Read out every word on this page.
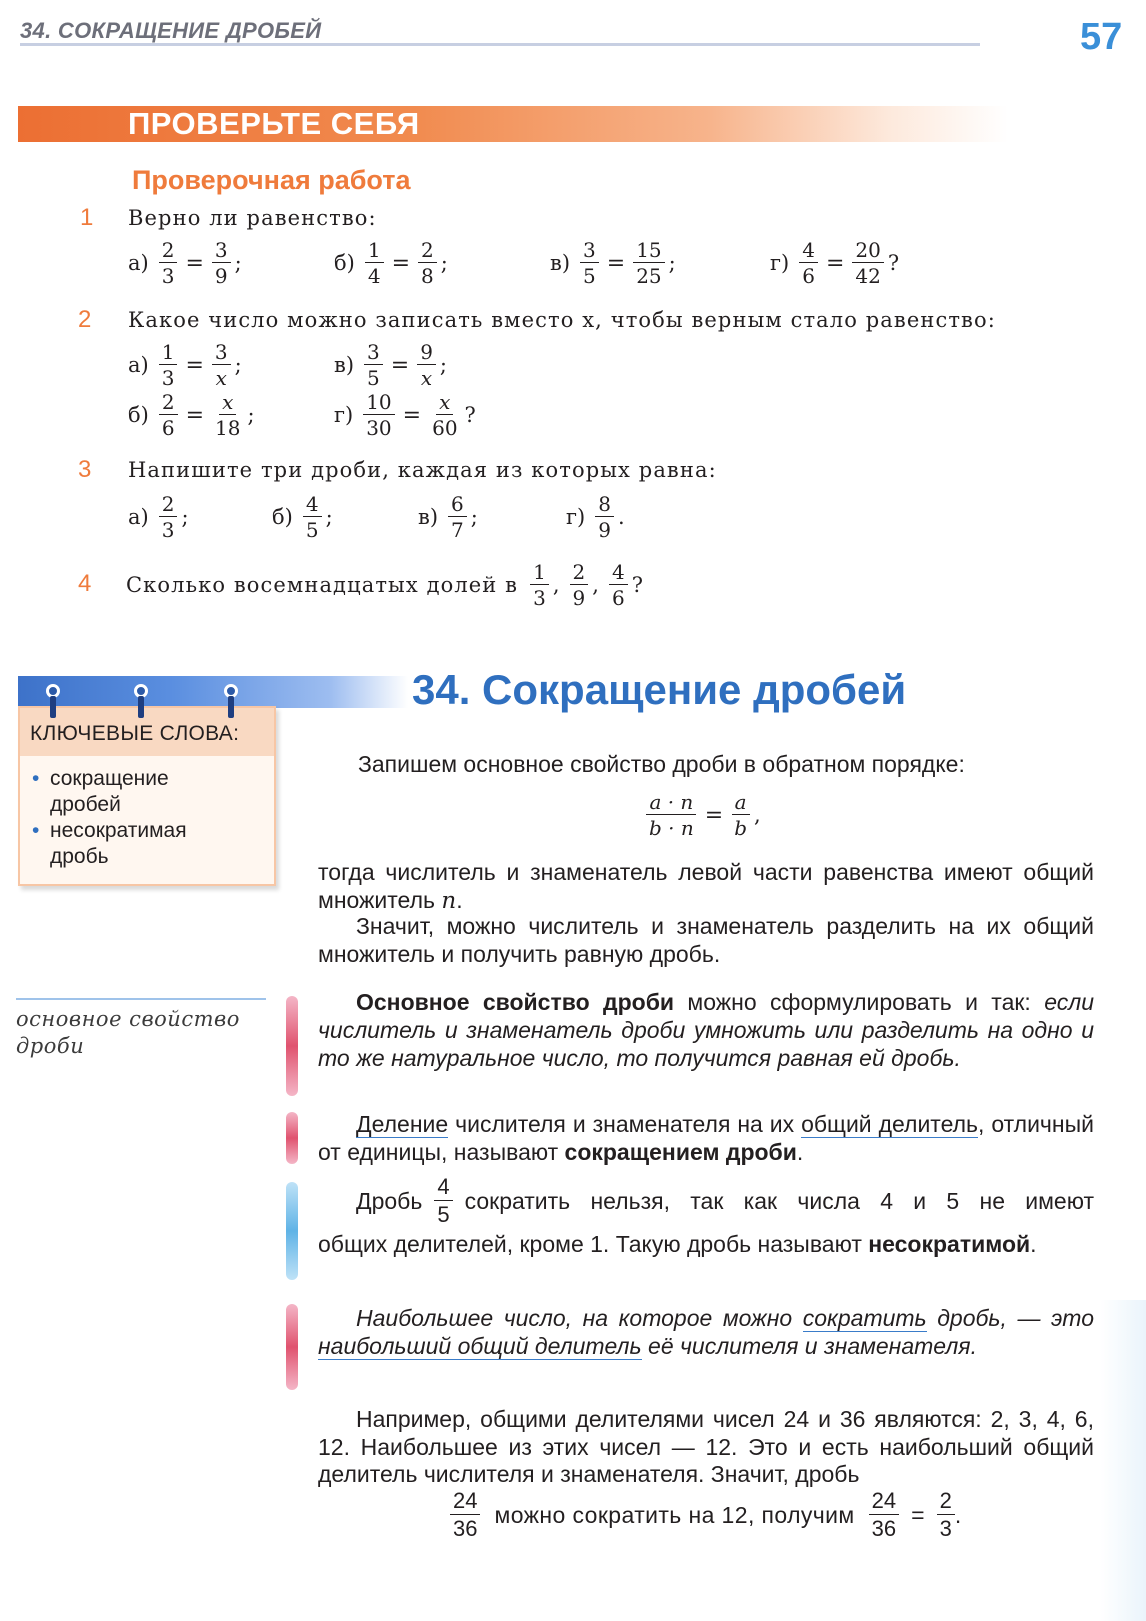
34. СОКРАЩЕНИЕ ДРОБЕЙ	57
ПРОВЕРЬТЕ СЕБЯ
Проверочная работа
1 Верно ли равенство:
$а) \frac{2}{3} = \frac{3}{9}$ ;	$б) \frac{1}{4} = \frac{2}{8}$ ;	$в) \frac{3}{5} = \frac{15}{25}$ ;	$г) \frac{4}{6} = \frac{20}{42}$ ?
2 Какое число можно записать вместо x, чтобы верным стало равенство:
$а) \frac{1}{3} = \frac{3}{x}$ ;	$в) \frac{3}{5} = \frac{9}{x}$ ;
$б) \frac{2}{6} = \frac{x}{18}$ ;	$г) \frac{10}{30} = \frac{x}{60}$ ?
3 Напишите три дроби, каждая из которых равна:
$а) \frac{2}{3}$ ;	$б) \frac{4}{5}$ ;	$в) \frac{6}{7}$ ;	$г) \frac{8}{9}$ .
4 Сколько восемнадцатых долей в $\frac{1}{3}$ , $\frac{2}{9}$ , $\frac{4}{6}$ ?
34. Сокращение дробей
КЛЮЧЕВЫЕ СЛОВА:
• сокращение дробей
• несократимая дробь
основное свойство дроби
Запишем основное свойство дроби в обратном порядке:
$\frac{a \cdot n}{b \cdot n} = \frac{a}{b}$ ,
тогда числитель и знаменатель левой части равенства имеют общий множитель n.
Значит, можно числитель и знаменатель разделить на их общий множитель и получить равную дробь.
Основное свойство дроби можно сформулировать и так: если числитель и знаменатель дроби умножить или разделить на одно и то же натуральное число, то получится равная ей дробь.
Деление числителя и знаменателя на их общий делитель, отличный от единицы, называют сокращением дроби.
Дробь $\frac{4}{5}$ сократить нельзя, так как числа 4 и 5 не имеют
общих делителей, кроме 1. Такую дробь называют несократимой.
Наибольшее число, на которое можно сократить дробь, — это наибольший общий делитель её числителя и знаменателя.
Например, общими делителями чисел 24 и 36 являются: 2, 3, 4, 6, 12. Наибольшее из этих чисел — 12. Это и есть наибольший общий делитель числителя и знаменателя. Значит, дробь
$\frac{24}{36}$ можно сократить на 12, получим $\frac{24}{36} = \frac{2}{3}$ .
